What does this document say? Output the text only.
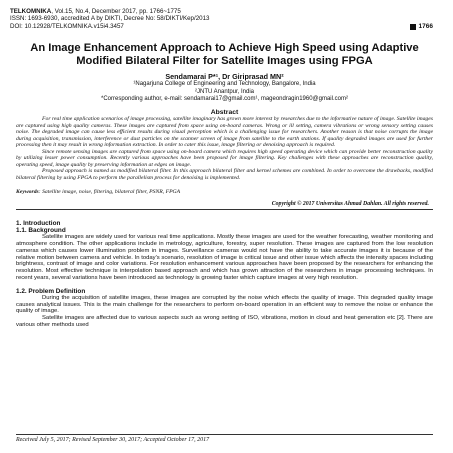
TELKOMNIKA, Vol.15, No.4, December 2017, pp. 1766~1775
ISSN: 1693-6930, accredited A by DIKTI, Decree No: 58/DIKTI/Kep/2013
DOI: 10.12928/TELKOMNIKA.v15i4.3457	1766
An Image Enhancement Approach to Achieve High Speed using Adaptive Modified Bilateral Filter for Satellite Images using FPGA
Sendamarai P*¹, Dr Giriprasad MN²
¹Nagarjuna College of Engineering and Technology, Bangalore, India
²JNTU Anantpur, India
*Corresponding author, e-mail: sendamarai17@gmail.com¹, mageondragin1960@gmail.com²
Abstract

For real time application scenarios of image processing, satellite imaginary has grown more interest by researches due to the informative nature of image. Satellite images are captured using high quality cameras. These images are captured from space using on-board cameras. Wrong or ill setting, camera vibrations or wrong sensory setting causes noise. The degraded image can cause less efficient results during visual perception which is a challenging issue for researchers. Another reason is that noise corrupts the image during acquisition, transmission, interference or dust particles on the scanner screen of image from satellite to the earth stations. If quality degraded images are used for further processing then it may result in wrong information extraction. In order to cater this issue, image filtering or denoising approach is required.

Since remote sensing images are captured from space using on-board camera which requires high speed operating device which can provide better reconstruction quality by utilizing lesser power consumption. Recently various approaches have been proposed for image filtering. Key challenges with these approaches are reconstruction quality, operating speed, image quality by preserving information at edges on image.

Proposed approach is named as modified bilateral filter. In this approach bilateral filter and kernel schemes are combined. In order to overcome the drawbacks, modified bilateral filtering by using FPGA to perform the parallelism process for denoising is implemented.

Keywords: Satellite image, noise, filtering, bilateral filter, PSNR, FPGA
Copyright © 2017 Universitas Ahmad Dahlan. All rights reserved.
1. Introduction
1.1. Background

Satellite images are widely used for various real time applications. Mostly these images are used for the weather forecasting, weather monitoring and atmosphere condition. The other applications include in metrology, agriculture, forestry, super resolution. These images are captured from the low resolution cameras which causes lower illumination problem in images. Surveillance cameras would not have the ability to take accurate images it is because of the relative motion between camera and vehicle. In today's scenario, resolution of image is critical issue and other issue which affects the intensity spaces including brightness, contrast of image and color variations. For resolution enhancement various approaches have been proposed by the researchers for enhancing the resolution. Most effective technique is interpolation based approach and which has grown attraction of the researchers in image processing techniques. In recent years, several variations have been introduced as technology is growing faster which capture images at very high resolution.

1.2. Problem Definition

During the acquisition of satellite images, these images are corrupted by the noise which effects the quality of image. This degraded quality image causes analytical issues. This is the main challenge for the researchers to perform on-board operation in an efficient way to remove the noise or enhance the quality of image.

Satellite images are affected due to various aspects such as wrong setting of ISO, vibrations, motion in cloud and heat generation etc [2]. There are various other methods used

Received July 5, 2017; Revised September 30, 2017; Accepted October 17, 2017
